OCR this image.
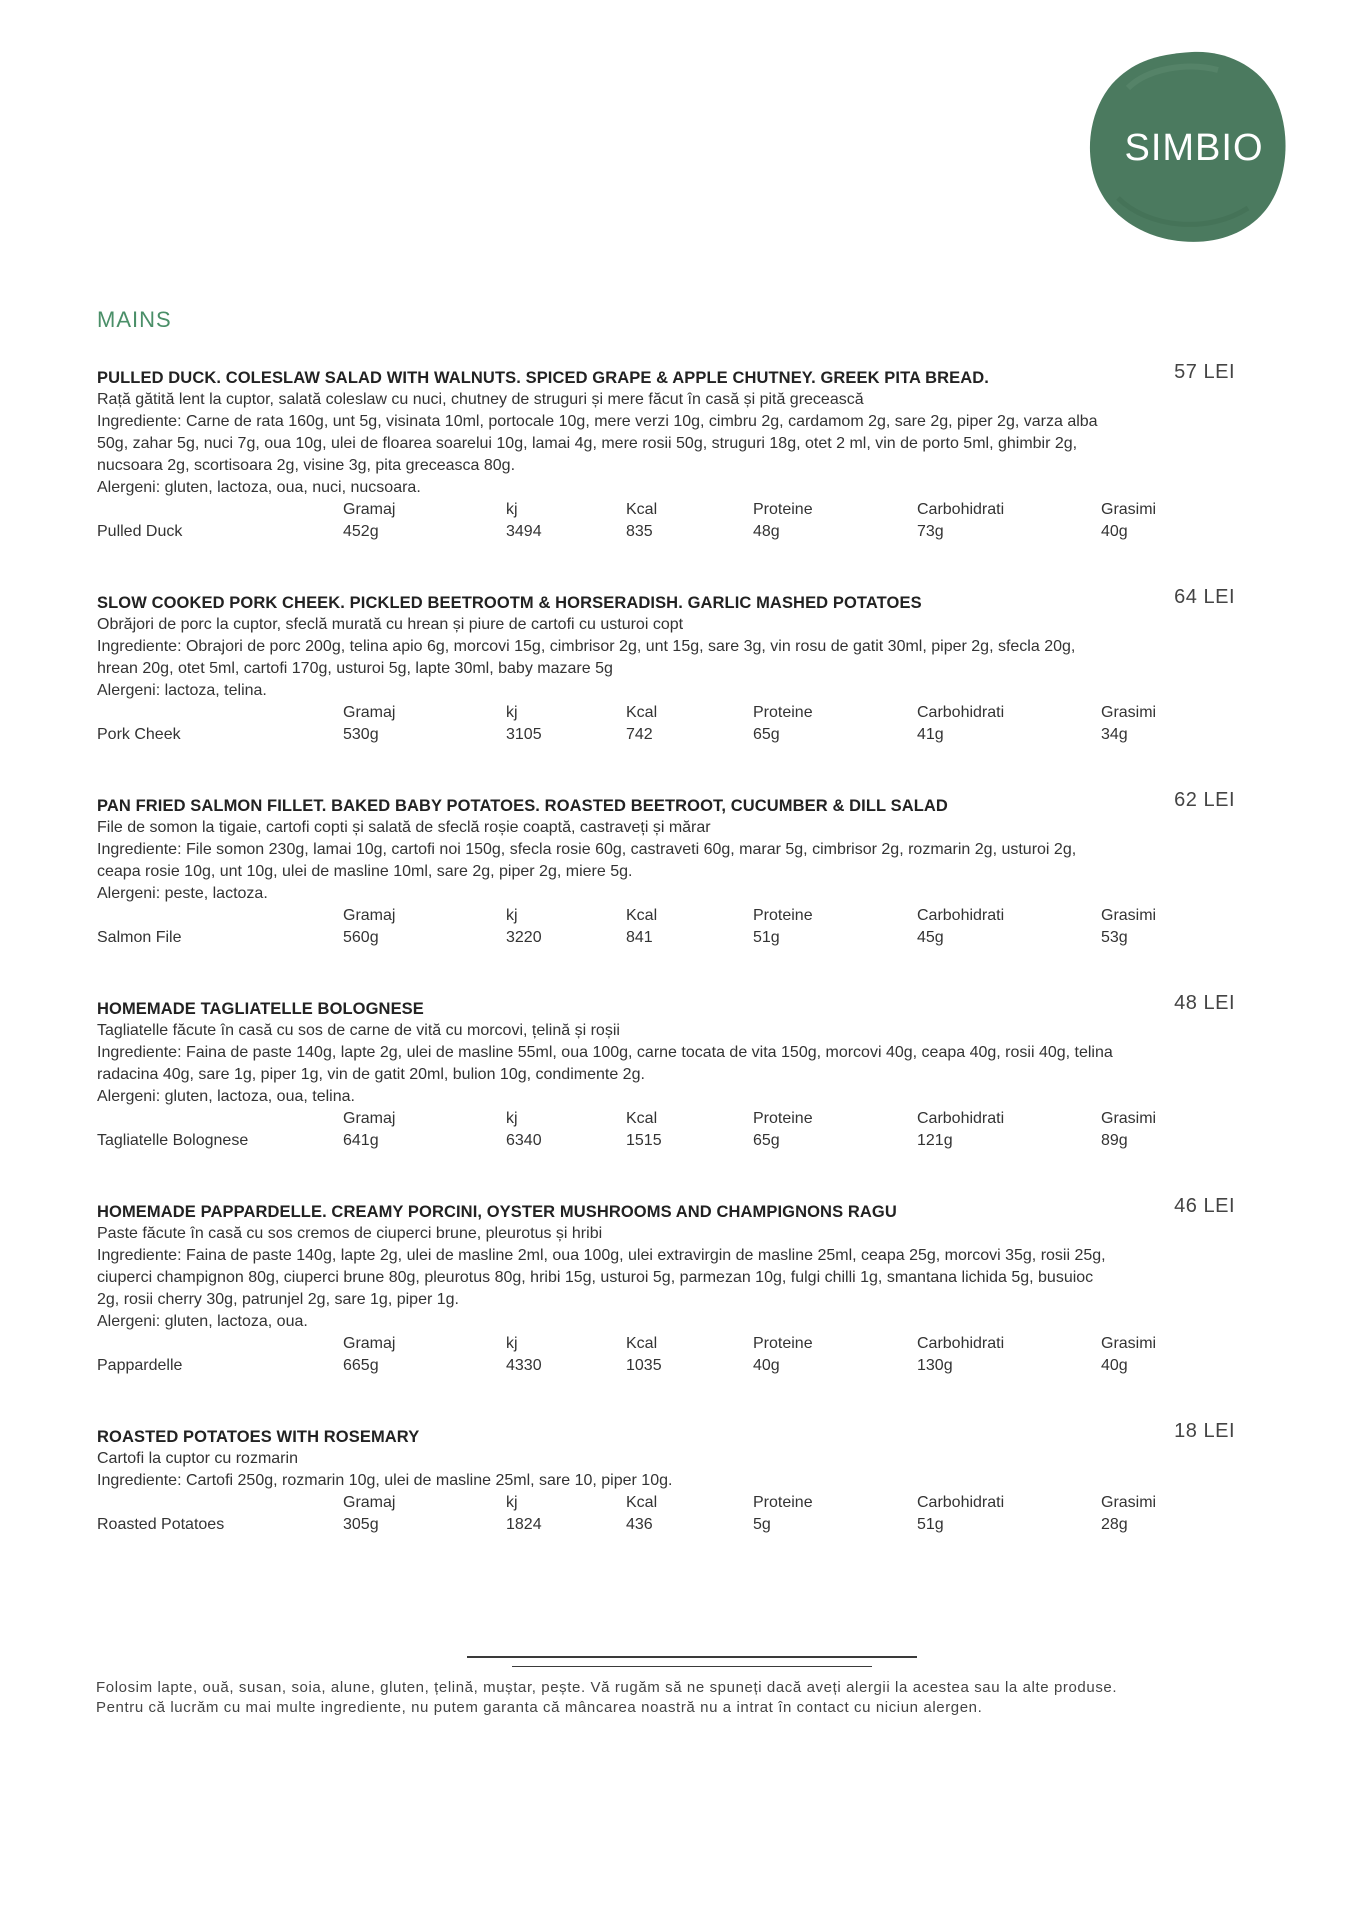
SIMBIO
MAINS
PULLED DUCK. COLESLAW SALAD WITH WALNUTS. SPICED GRAPE & APPLE CHUTNEY. GREEK PITA BREAD.	57 LEI
Rață gătită lent la cuptor, salată coleslaw cu nuci, chutney de struguri și mere făcut în casă și pită grecească
Ingrediente: Carne de rata 160g, unt 5g, visinata 10ml, portocale 10g, mere verzi 10g, cimbru 2g, cardamom 2g, sare 2g, piper 2g, varza alba
50g, zahar 5g, nuci 7g, oua 10g, ulei de floarea soarelui 10g, lamai 4g, mere rosii 50g, struguri 18g, otet 2 ml, vin de porto 5ml, ghimbir 2g,
nucsoara 2g, scortisoara 2g, visine 3g, pita greceasca 80g.
Alergeni: gluten, lactoza, oua, nuci, nucsoara.
Gramaj	kj	Kcal	Proteine	Carbohidrati	Grasimi
Pulled Duck	452g	3494	835	48g	73g	40g
SLOW COOKED PORK CHEEK. PICKLED BEETROOTM & HORSERADISH. GARLIC MASHED POTATOES	64 LEI
Obrăjori de porc la cuptor, sfeclă murată cu hrean și piure de cartofi cu usturoi copt
Ingrediente: Obrajori de porc 200g, telina apio 6g, morcovi 15g, cimbrisor 2g, unt 15g, sare 3g, vin rosu de gatit 30ml, piper 2g, sfecla 20g,
hrean 20g, otet 5ml, cartofi 170g, usturoi 5g, lapte 30ml, baby mazare 5g
Alergeni: lactoza, telina.
Gramaj	kj	Kcal	Proteine	Carbohidrati	Grasimi
Pork Cheek	530g	3105	742	65g	41g	34g
PAN FRIED SALMON FILLET. BAKED BABY POTATOES. ROASTED BEETROOT, CUCUMBER & DILL SALAD	62 LEI
File de somon la tigaie, cartofi copti și salată de sfeclă roșie coaptă, castraveți și mărar
Ingrediente: File somon 230g, lamai 10g, cartofi noi 150g, sfecla rosie 60g, castraveti 60g, marar 5g, cimbrisor 2g, rozmarin 2g, usturoi 2g,
ceapa rosie 10g, unt 10g, ulei de masline 10ml, sare 2g, piper 2g, miere 5g.
Alergeni: peste, lactoza.
Gramaj	kj	Kcal	Proteine	Carbohidrati	Grasimi
Salmon File	560g	3220	841	51g	45g	53g
HOMEMADE TAGLIATELLE BOLOGNESE	48 LEI
Tagliatelle făcute în casă cu sos de carne de vită cu morcovi, țelină și roșii
Ingrediente: Faina de paste 140g, lapte 2g, ulei de masline 55ml, oua 100g, carne tocata de vita 150g, morcovi 40g, ceapa 40g, rosii 40g, telina
radacina 40g, sare 1g, piper 1g, vin de gatit 20ml, bulion 10g, condimente 2g.
Alergeni: gluten, lactoza, oua, telina.
Gramaj	kj	Kcal	Proteine	Carbohidrati	Grasimi
Tagliatelle Bolognese	641g	6340	1515	65g	121g	89g
HOMEMADE PAPPARDELLE. CREAMY PORCINI, OYSTER MUSHROOMS AND CHAMPIGNONS RAGU	46 LEI
Paste făcute în casă cu sos cremos de ciuperci brune, pleurotus și hribi
Ingrediente: Faina de paste 140g, lapte 2g, ulei de masline 2ml, oua 100g, ulei extravirgin de masline 25ml, ceapa 25g, morcovi 35g, rosii 25g,
ciuperci champignon 80g, ciuperci brune 80g, pleurotus 80g, hribi 15g, usturoi 5g, parmezan 10g, fulgi chilli 1g, smantana lichida 5g, busuioc
2g, rosii cherry 30g, patrunjel 2g, sare 1g, piper 1g.
Alergeni: gluten, lactoza, oua.
Gramaj	kj	Kcal	Proteine	Carbohidrati	Grasimi
Pappardelle	665g	4330	1035	40g	130g	40g
ROASTED POTATOES WITH ROSEMARY	18 LEI
Cartofi la cuptor cu rozmarin
Ingrediente: Cartofi 250g, rozmarin 10g, ulei de masline 25ml, sare 10, piper 10g.
Gramaj	kj	Kcal	Proteine	Carbohidrati	Grasimi
Roasted Potatoes	305g	1824	436	5g	51g	28g
Folosim lapte, ouă, susan, soia, alune, gluten, țelină, muștar, pește. Vă rugăm să ne spuneți dacă aveți alergii la acestea sau la alte produse.
Pentru că lucrăm cu mai multe ingrediente, nu putem garanta că mâncarea noastră nu a intrat în contact cu niciun alergen.
